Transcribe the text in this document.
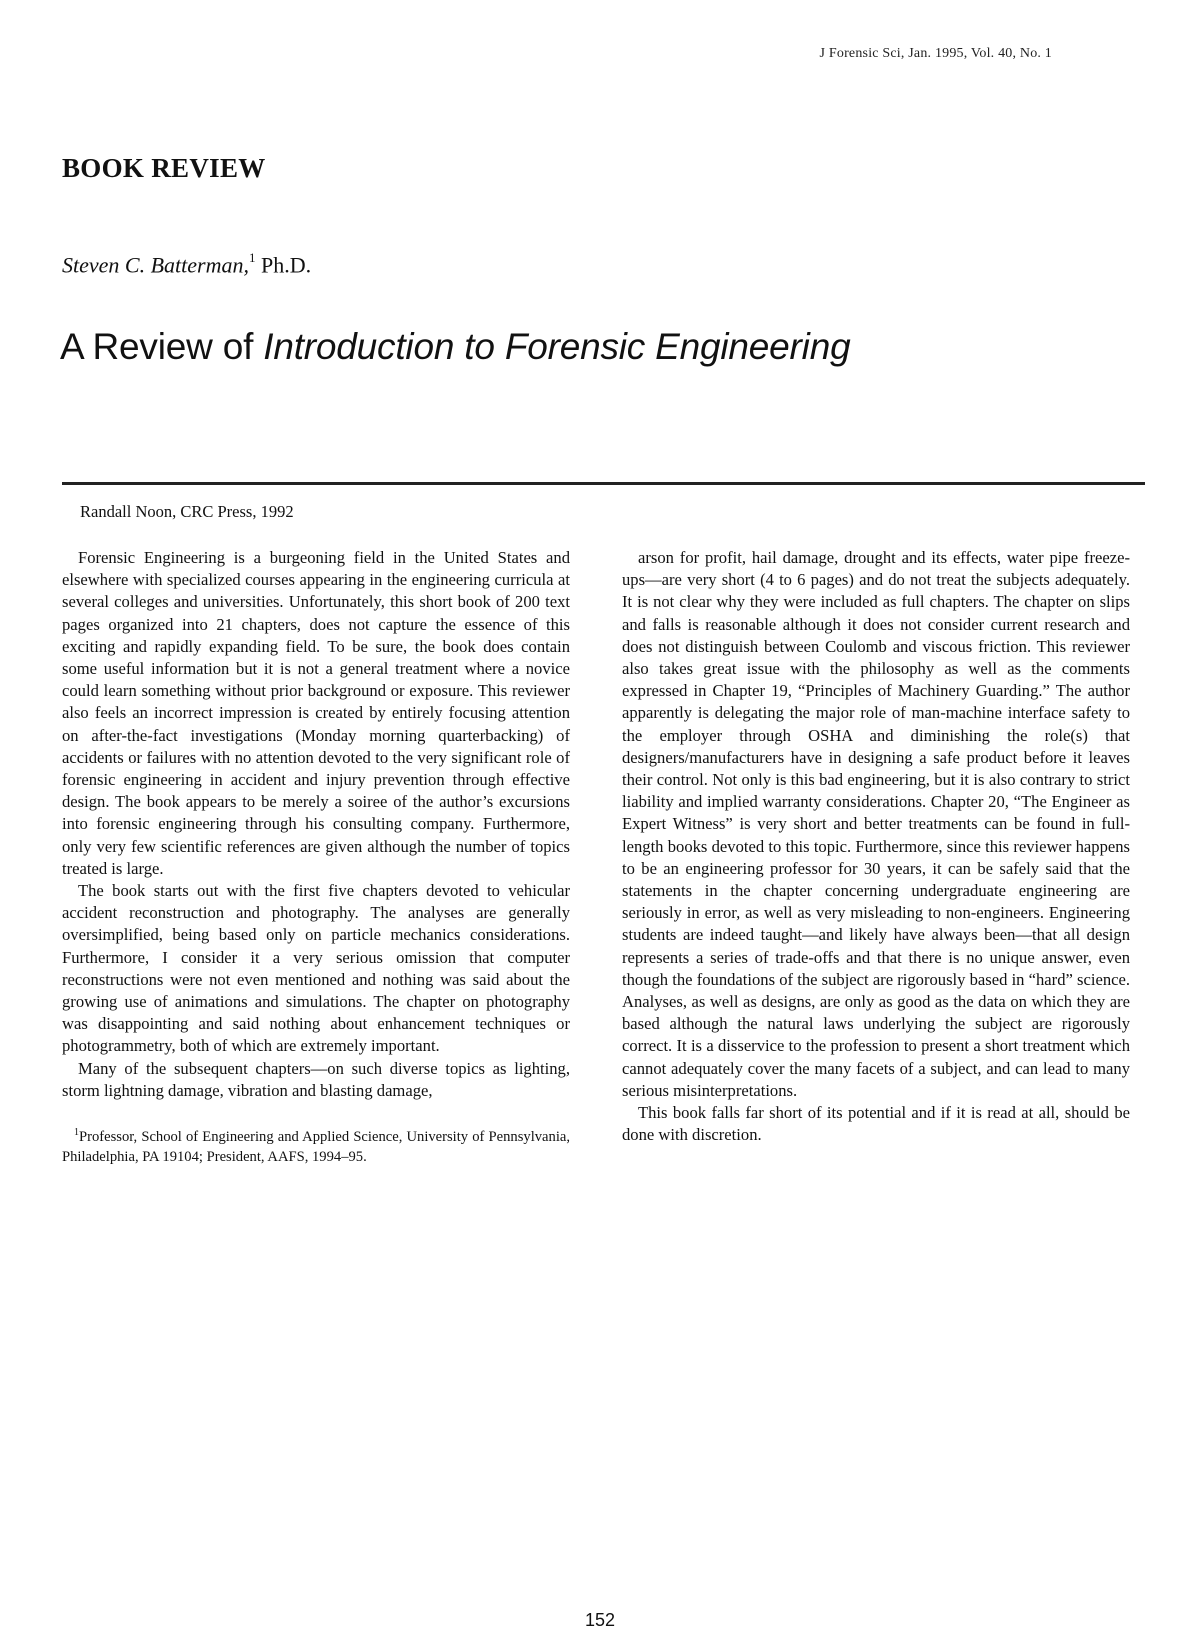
J Forensic Sci, Jan. 1995, Vol. 40, No. 1
BOOK REVIEW
Steven C. Batterman,$^1$ Ph.D.
A Review of Introduction to Forensic Engineering
Randall Noon, CRC Press, 1992

Forensic Engineering is a burgeoning field in the United States and elsewhere with specialized courses appearing in the engineering curricula at several colleges and universities. Unfortunately, this short book of 200 text pages organized into 21 chapters, does not capture the essence of this exciting and rapidly expanding field. To be sure, the book does contain some useful information but it is not a general treatment where a novice could learn something without prior background or exposure. This reviewer also feels an incorrect impression is created by entirely focusing attention on after-the-fact investigations (Monday morning quarterbacking) of accidents or failures with no attention devoted to the very significant role of forensic engineering in accident and injury prevention through effective design. The book appears to be merely a soiree of the author’s excursions into forensic engineering through his consulting company. Furthermore, only very few scientific references are given although the number of topics treated is large.

The book starts out with the first five chapters devoted to vehicular accident reconstruction and photography. The analyses are generally oversimplified, being based only on particle mechanics considerations. Furthermore, I consider it a very serious omission that computer reconstructions were not even mentioned and nothing was said about the growing use of animations and simulations. The chapter on photography was disappointing and said nothing about enhancement techniques or photogrammetry, both of which are extremely important.

Many of the subsequent chapters—on such diverse topics as lighting, storm lightning damage, vibration and blasting damage,

$^1$Professor, School of Engineering and Applied Science, University of Pennsylvania, Philadelphia, PA 19104; President, AAFS, 1994–95.

arson for profit, hail damage, drought and its effects, water pipe freeze-ups—are very short (4 to 6 pages) and do not treat the subjects adequately. It is not clear why they were included as full chapters. The chapter on slips and falls is reasonable although it does not consider current research and does not distinguish between Coulomb and viscous friction. This reviewer also takes great issue with the philosophy as well as the comments expressed in Chapter 19, “Principles of Machinery Guarding.” The author apparently is delegating the major role of man-machine interface safety to the employer through OSHA and diminishing the role(s) that designers/manufacturers have in designing a safe product before it leaves their control. Not only is this bad engineering, but it is also contrary to strict liability and implied warranty considerations. Chapter 20, “The Engineer as Expert Witness” is very short and better treatments can be found in full-length books devoted to this topic. Furthermore, since this reviewer happens to be an engineering professor for 30 years, it can be safely said that the statements in the chapter concerning undergraduate engineering are seriously in error, as well as very misleading to non-engineers. Engineering students are indeed taught—and likely have always been—that all design represents a series of trade-offs and that there is no unique answer, even though the foundations of the subject are rigorously based in “hard” science. Analyses, as well as designs, are only as good as the data on which they are based although the natural laws underlying the subject are rigorously correct. It is a disservice to the profession to present a short treatment which cannot adequately cover the many facets of a subject, and can lead to many serious misinterpretations.

This book falls far short of its potential and if it is read at all, should be done with discretion.

152
